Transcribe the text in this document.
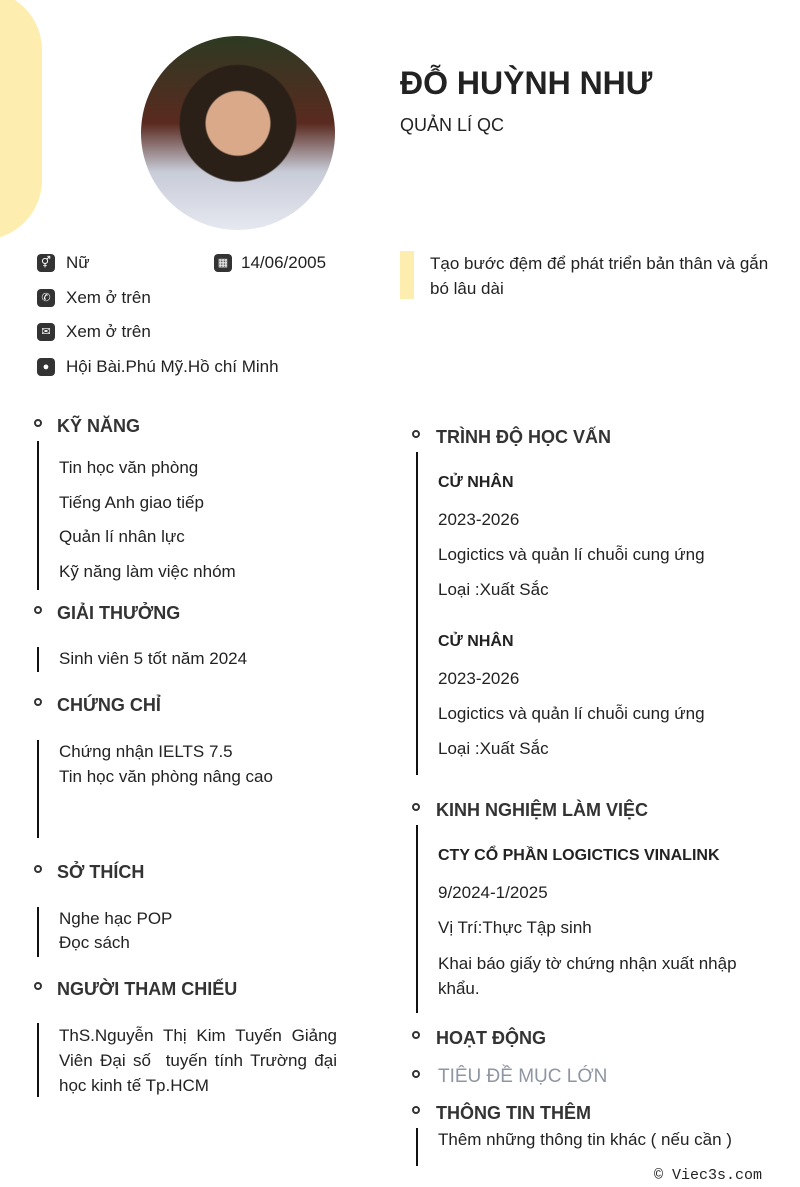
ĐỖ HUỲNH NHƯ
QUẢN LÍ QC
⚥ Nữ	▦ 14/06/2005
✆ Xem ở trên
✉ Xem ở trên
● Hội Bài.Phú Mỹ.Hồ chí Minh
Tạo bước đệm để phát triển bản thân và gắn bó lâu dài
KỸ NĂNG
Tin học văn phòng
Tiếng Anh giao tiếp
Quản lí nhân lực
Kỹ năng làm việc nhóm
GIẢI THƯỞNG
Sinh viên 5 tốt năm 2024
CHỨNG CHỈ
Chứng nhận IELTS 7.5
Tin học văn phòng nâng cao
SỞ THÍCH
Nghe hạc POP
Đọc sách
NGƯỜI THAM CHIẾU
ThS.Nguyễn Thị Kim Tuyến Giảng Viên Đại số  tuyến tính Trường đại học kinh tế Tp.HCM
TRÌNH ĐỘ HỌC VẤN
CỬ NHÂN
2023-2026
Logictics và quản lí chuỗi cung ứng
Loại :Xuất Sắc
CỬ NHÂN
2023-2026
Logictics và quản lí chuỗi cung ứng
Loại :Xuất Sắc
KINH NGHIỆM LÀM VIỆC
CTY CỔ PHẦN LOGICTICS VINALINK
9/2024-1/2025
Vị Trí:Thực Tập sinh
Khai báo giấy tờ chứng nhận xuất nhập khẩu.
HOẠT ĐỘNG
TIÊU ĐỀ MỤC LỚN
THÔNG TIN THÊM
Thêm những thông tin khác ( nếu cần )
© Viec3s.com
